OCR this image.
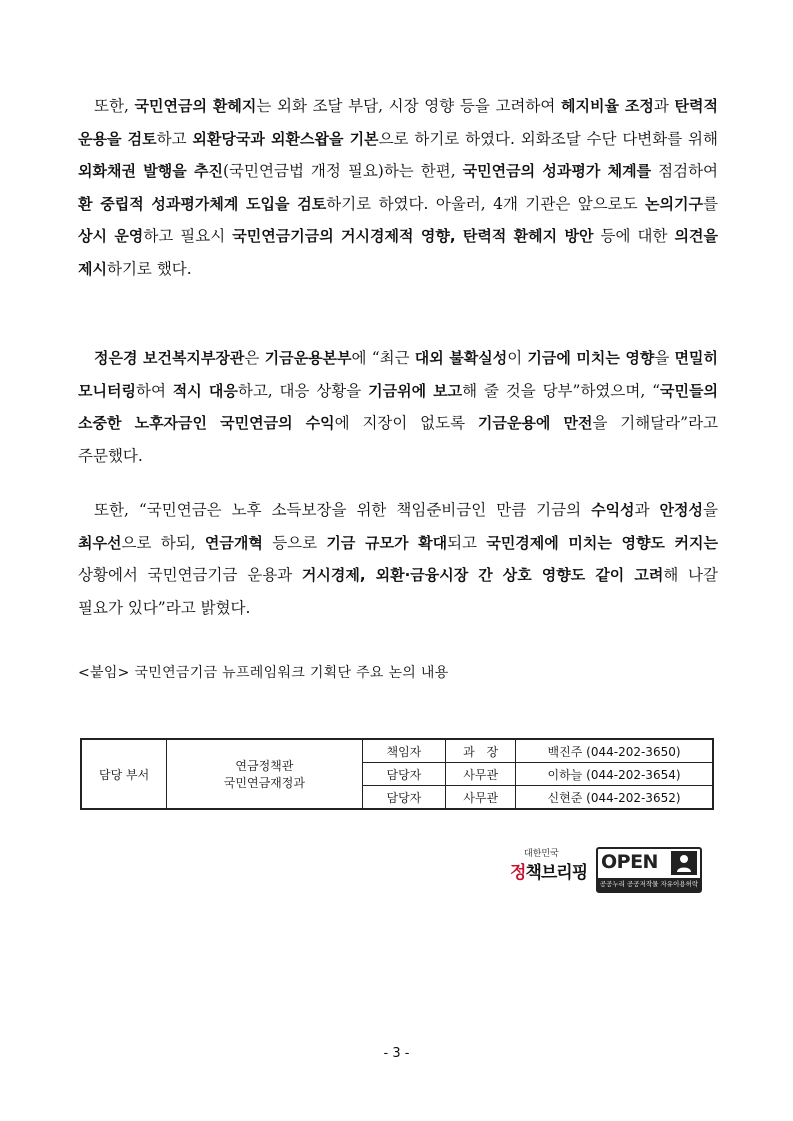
또한, 국민연금의 환헤지는 외화 조달 부담, 시장 영향 등을 고려하여 헤지비율 조정과 탄력적 운용을 검토하고 외환당국과 외환스왑을 기본으로 하기로 하였다. 외화조달 수단 다변화를 위해 외화채권 발행을 추진(국민연금법 개정 필요)하는 한편, 국민연금의 성과평가 체계를 점검하여 환 중립적 성과평가체계 도입을 검토하기로 하였다. 아울러, 4개 기관은 앞으로도 논의기구를 상시 운영하고 필요시 국민연금기금의 거시경제적 영향, 탄력적 환헤지 방안 등에 대한 의견을 제시하기로 했다.
정은경 보건복지부장관은 기금운용본부에 “최근 대외 불확실성이 기금에 미치는 영향을 면밀히 모니터링하여 적시 대응하고, 대응 상황을 기금위에 보고해 줄 것을 당부”하였으며, “국민들의 소중한 노후자금인 국민연금의 수익에 지장이 없도록 기금운용에 만전을 기해달라”라고 주문했다.
또한, “국민연금은 노후 소득보장을 위한 책임준비금인 만큼 기금의 수익성과 안정성을 최우선으로 하되, 연금개혁 등으로 기금 규모가 확대되고 국민경제에 미치는 영향도 커지는 상황에서 국민연금기금 운용과 거시경제, 외환·금융시장 간 상호 영향도 같이 고려해 나갈 필요가 있다”라고 밝혔다.
<붙임> 국민연금기금 뉴프레임워크 기획단 주요 논의 내용
담당 부서	연금정책관
국민연금재정과	책임자	과　장	백진주 (044-202-3650)
		담당자	사무관	이하늘 (044-202-3654)
		담당자	사무관	신현준 (044-202-3652)
대한민국
정책브리핑 OPEN
공공누리 공공저작물 자유이용허락
- 3 -
